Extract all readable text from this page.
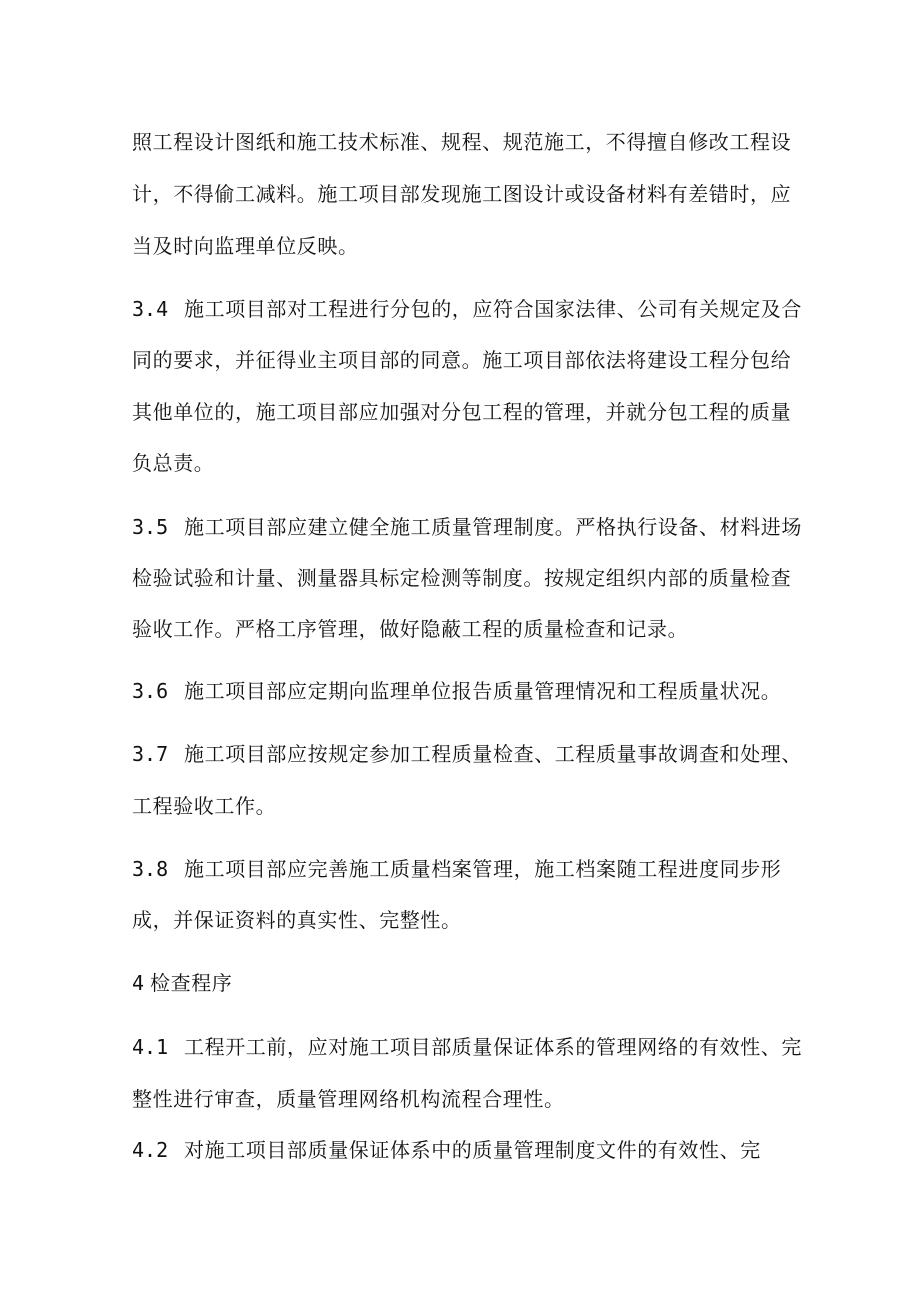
照工程设计图纸和施工技术标准、规程、规范施工，不得擅自修改工程设
计，不得偷工减料。施工项目部发现施工图设计或设备材料有差错时，应
当及时向监理单位反映。
3.4 施工项目部对工程进行分包的，应符合国家法律、公司有关规定及合
同的要求，并征得业主项目部的同意。施工项目部依法将建设工程分包给
其他单位的，施工项目部应加强对分包工程的管理，并就分包工程的质量
负总责。
3.5 施工项目部应建立健全施工质量管理制度。严格执行设备、材料进场
检验试验和计量、测量器具标定检测等制度。按规定组织内部的质量检查
验收工作。严格工序管理，做好隐蔽工程的质量检查和记录。
3.6 施工项目部应定期向监理单位报告质量管理情况和工程质量状况。
3.7 施工项目部应按规定参加工程质量检查、工程质量事故调查和处理、
工程验收工作。
3.8 施工项目部应完善施工质量档案管理，施工档案随工程进度同步形
成，并保证资料的真实性、完整性。
4 检查程序
4.1 工程开工前，应对施工项目部质量保证体系的管理网络的有效性、完
整性进行审查，质量管理网络机构流程合理性。
4.2 对施工项目部质量保证体系中的质量管理制度文件的有效性、完
